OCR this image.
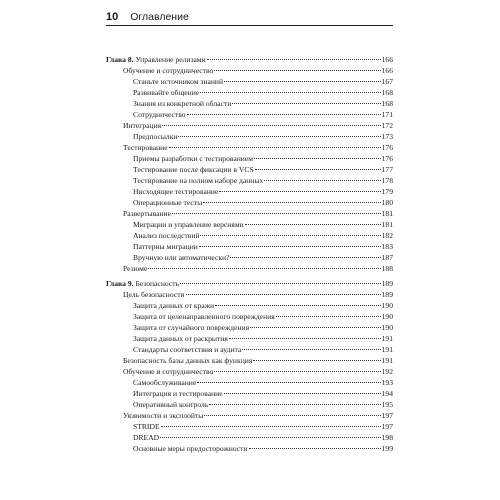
10 Оглавление
Глава 8. Управление релизами	166
Обучение и сотрудничество	166
Станьте источником знаний	167
Развивайте общение	168
Знания из конкретной области	168
Сотрудничество	171
Интеграция	172
Предпосылки	173
Тестирование	176
Приемы разработки с тестированием	176
Тестирование после фиксации в VCS	177
Тестирование на полном наборе данных	178
Нисходящее тестирование	179
Операционные тесты	180
Развертывание	181
Миграции и управление версиями	181
Анализ последствий	182
Паттерны миграции	183
Вручную или автоматически?	187
Резюме	188
Глава 9. Безопасность	189
Цель безопасности	189
Защита данных от кражи	190
Защита от целенаправленного повреждения	190
Защита от случайного повреждения	190
Защита данных от раскрытия	191
Стандарты соответствия и аудита	191
Безопасность базы данных как функция	191
Обучение и сотрудничество	192
Самообслуживание	193
Интеграция и тестирование	194
Оперативный контроль	195
Уязвимости и эксплойты	197
STRIDE	197
DREAD	198
Основные меры предосторожности	199
